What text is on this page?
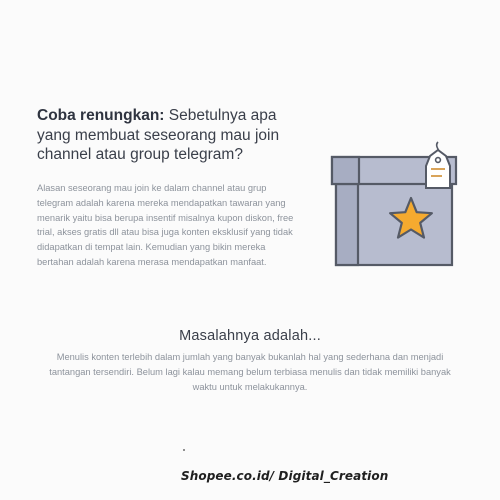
Coba renungkan: Sebetulnya apa yang membuat seseorang mau join channel atau group telegram?
Alasan seseorang mau join ke dalam channel atau grup telegram adalah karena mereka mendapatkan tawaran yang menarik yaitu bisa berupa insentif misalnya kupon diskon, free trial, akses gratis dll atau bisa juga konten eksklusif yang tidak didapatkan di tempat lain. Kemudian yang bikin mereka bertahan adalah karena merasa mendapatkan manfaat.
Masalahnya adalah...
Menulis konten terlebih dalam jumlah yang banyak bukanlah hal yang sederhana dan menjadi tantangan tersendiri. Belum lagi kalau memang belum terbiasa menulis dan tidak memiliki banyak waktu untuk melakukannya.
Shopee.co.id/ Digital_Creation
